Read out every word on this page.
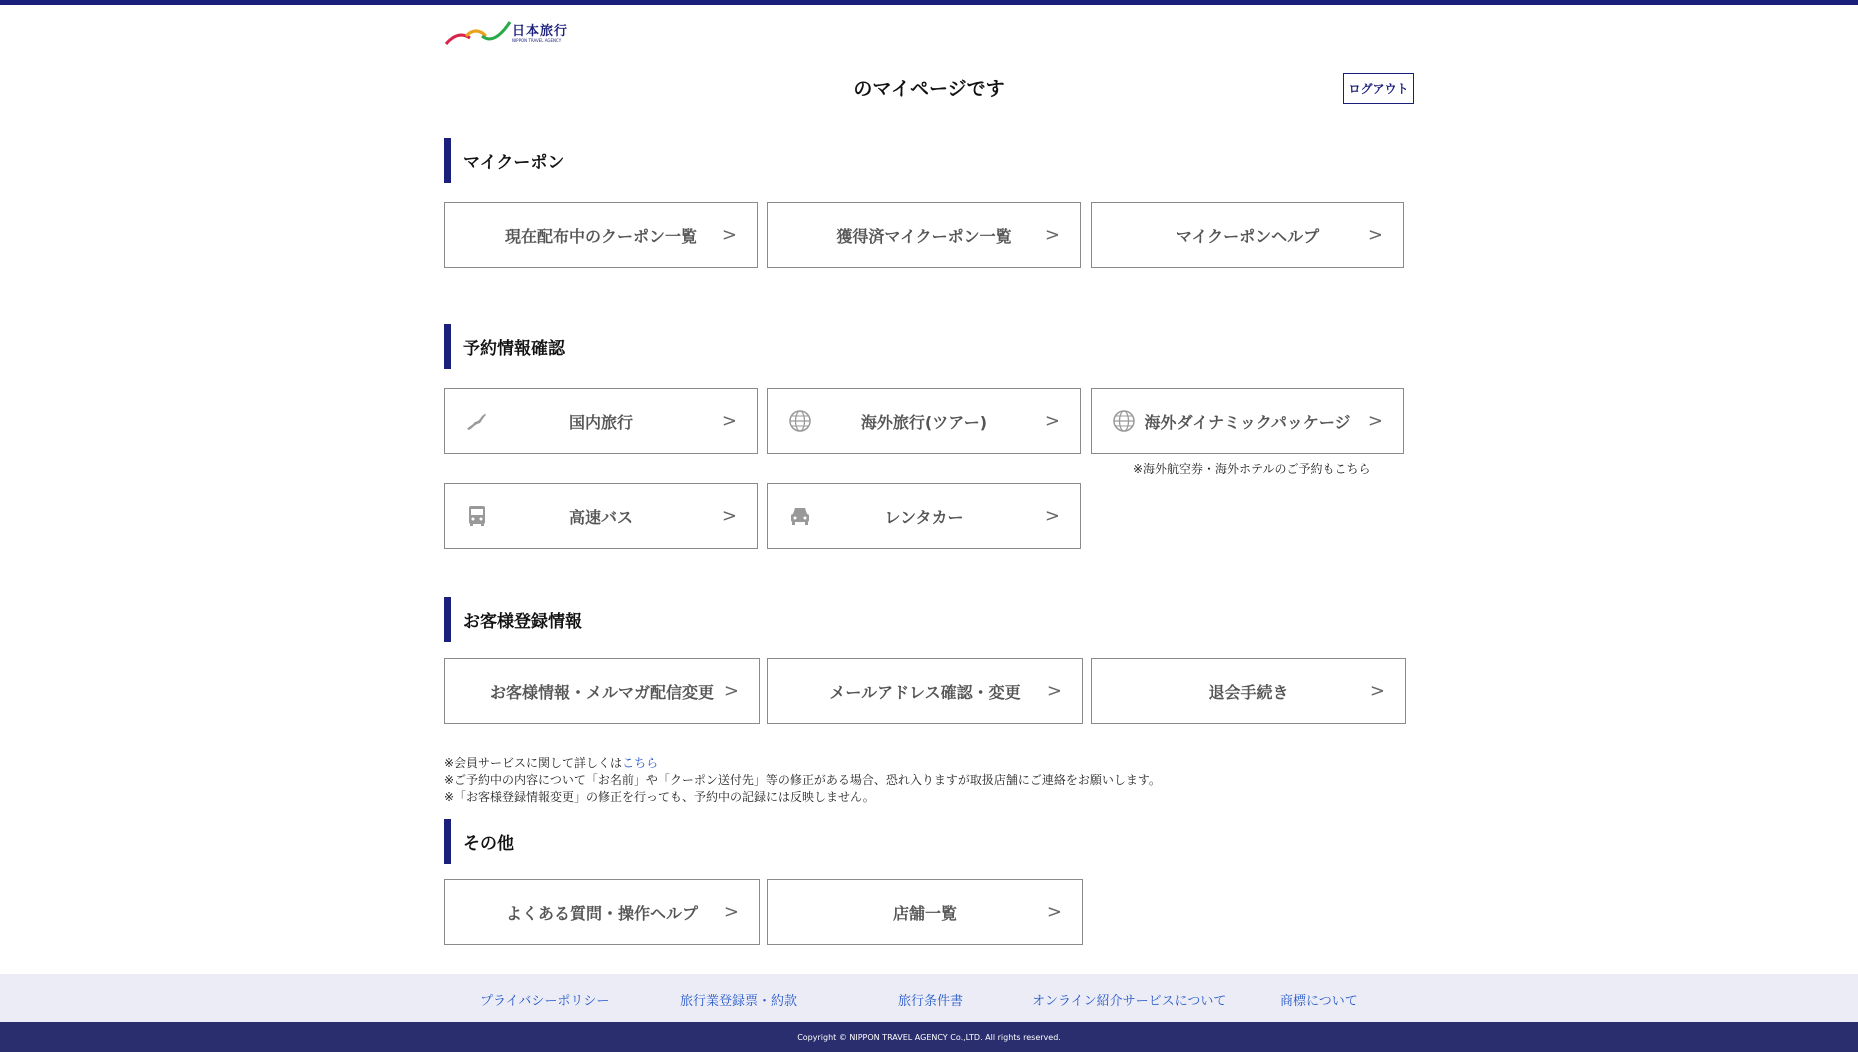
日本旅行
NIPPON TRAVEL AGENCY
のマイページです	ログアウト
マイクーポン
現在配布中のクーポン一覧 >	獲得済マイクーポン一覧 >	マイクーポンヘルプ	>
予約情報確認
国内旅行	>	海外旅行(ツアー)	>	海外ダイナミックパッケージ >
※海外航空券・海外ホテルのご予約もこちら
高速バス	>	レンタカー	>
お客様登録情報
お客様情報・メルマガ配信変更 >	メールアドレス確認・変更 >	退会手続き	>
※会員サービスに関して詳しくはこちら
※ご予約中の内容について「お名前」や「クーポン送付先」等の修正がある場合、恐れ入りますが取扱店舗にご連絡をお願いします。
※「お客様登録情報変更」の修正を行っても、予約中の記録には反映しません。
その他
よくある質問・操作ヘルプ >	店舗一覧	>
プライバシーポリシー	旅行業登録票・約款	旅行条件書	オンライン紹介サービスについて	商標について
Copyright © NIPPON TRAVEL AGENCY Co.,LTD. All rights reserved.
